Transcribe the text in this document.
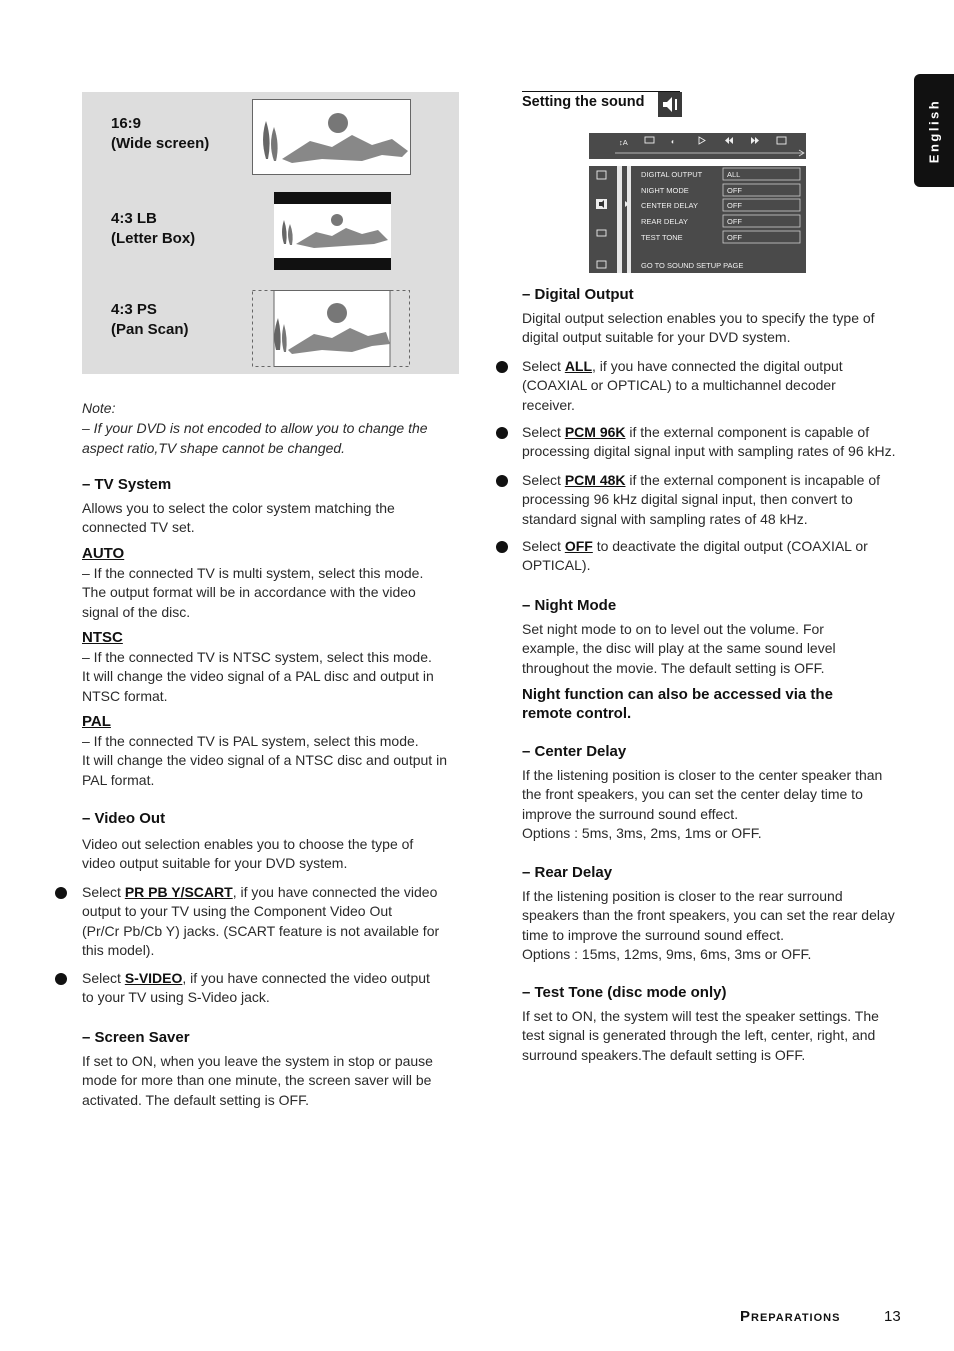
English
16:9
(Wide screen)
4:3 LB
(Letter Box)
4:3 PS
(Pan Scan)
Note:
– If your DVD is not encoded to allow you to change the
aspect ratio,TV shape cannot be changed.
– TV System
Allows you to select the color system matching the
connected TV set.
AUTO
– If the connected TV is multi system, select this mode.
The output format will be in accordance with the video
signal of the disc.
NTSC
– If the connected TV is NTSC system, select this mode.
It will change the video signal of a PAL disc and output in
NTSC format.
PAL
– If the connected TV is PAL system, select this mode.
It will change the video signal of a NTSC disc and output in
PAL format.
– Video Out
Video out selection enables you to choose the type of
video output suitable for your DVD system.
Select PR PB Y/SCART, if you have connected the video
output to your TV using the Component Video Out
(Pr/Cr Pb/Cb Y) jacks. (SCART feature is not available for
this model).
Select S-VIDEO, if you have connected the video output
to your TV using S-Video jack.
– Screen Saver
If set to ON, when you leave the system in stop or pause
mode for more than one minute, the screen saver will be
activated. The default setting is OFF.
Setting the sound
↕A	◐
DIGITAL OUTPUT
NIGHT MODE
CENTER DELAY
REAR DELAY
TEST TONE
ALL
OFF
OFF
OFF
OFF
GO TO SOUND SETUP PAGE
– Digital Output
Digital output selection enables you to specify the type of
digital output suitable for your DVD system.
Select ALL, if you have connected the digital output
(COAXIAL or OPTICAL) to a multichannel decoder
receiver.
Select PCM 96K if the external component is capable of
processing digital signal input with sampling rates of 96 kHz.
Select PCM 48K if the external component is incapable of
processing 96 kHz digital signal input, then convert to
standard signal with sampling rates of 48 kHz.
Select OFF to deactivate the digital output (COAXIAL or
OPTICAL).
– Night Mode
Set night mode to on to level out the volume. For
example, the disc will play at the same sound level
throughout the movie. The default setting is OFF.
Night function can also be accessed via the
remote control.
– Center Delay
If the listening position is closer to the center speaker than
the front speakers, you can set the center delay time to
improve the surround sound effect.
Options : 5ms, 3ms, 2ms, 1ms or OFF.
– Rear Delay
If the listening position is closer to the rear surround
speakers than the front speakers, you can set the rear delay
time to improve the surround sound effect.
Options : 15ms, 12ms, 9ms, 6ms, 3ms or OFF.
– Test Tone (disc mode only)
If set to ON, the system will test the speaker settings. The
test signal is generated through the left, center, right, and
surround speakers.The default setting is OFF.
Preparations	13
